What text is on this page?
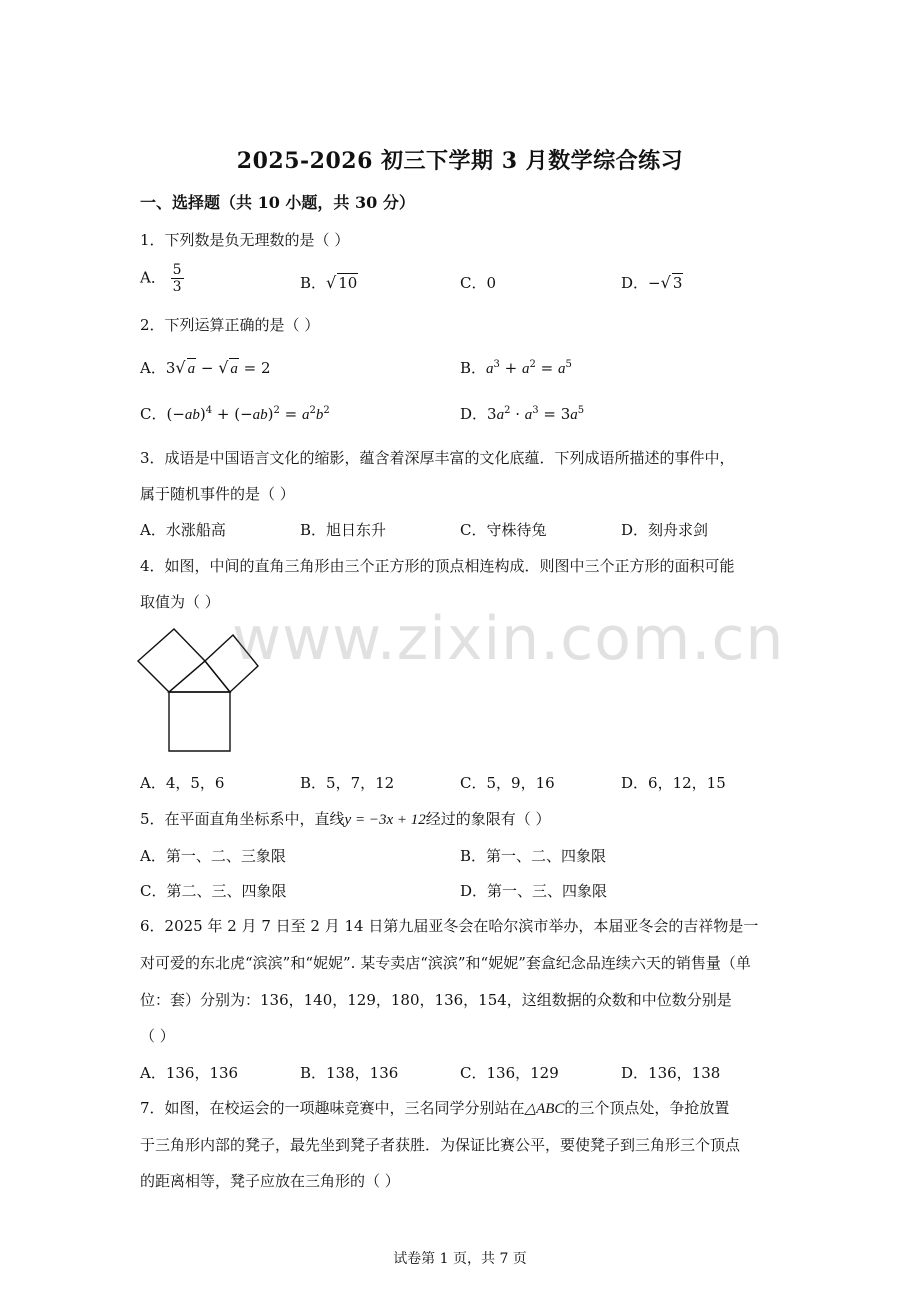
2025-2026 初三下学期 3 月数学综合练习
一、选择题（共 10 小题，共 30 分）
1．下列数是负无理数的是（ ）
A． $\frac{5}{3}$	B．√ 10	C．0	D．−√ 3
2．下列运算正确的是（ ）
A．3√ a − √ a = 2	B．$a^3 + a^2 = a^5$
C．$(-ab)^4 + (-ab)^2 = a^2b^2$	D．$3a^2 \cdot a^3 = 3a^5$
3．成语是中国语言文化的缩影，蕴含着深厚丰富的文化底蕴．下列成语所描述的事件中，
属于随机事件的是（ ）
A．水涨船高	B．旭日东升	C．守株待兔	D．刻舟求剑
4．如图，中间的直角三角形由三个正方形的顶点相连构成．则图中三个正方形的面积可能
取值为（ ）
A．4，5，6	B．5，7，12	C．5，9，16	D．6，12，15
5．在平面直角坐标系中，直线y = −3x + 12经过的象限有（ ）
A．第一、二、三象限	B．第一、二、四象限
C．第二、三、四象限	D．第一、三、四象限
6．2025 年 2 月 7 日至 2 月 14 日第九届亚冬会在哈尔滨市举办，本届亚冬会的吉祥物是一
对可爱的东北虎“滨滨”和“妮妮”. 某专卖店“滨滨”和“妮妮”套盒纪念品连续六天的销售量（单
位：套）分别为：136，140，129，180，136，154，这组数据的众数和中位数分别是
（ ）
A．136，136	B．138，136	C．136，129	D．136，138
7．如图，在校运会的一项趣味竞赛中，三名同学分别站在△ABC的三个顶点处，争抢放置
于三角形内部的凳子，最先坐到凳子者获胜．为保证比赛公平，要使凳子到三角形三个顶点
的距离相等，凳子应放在三角形的（ ）
www.zixin.com.cn
试卷第 1 页，共 7 页
